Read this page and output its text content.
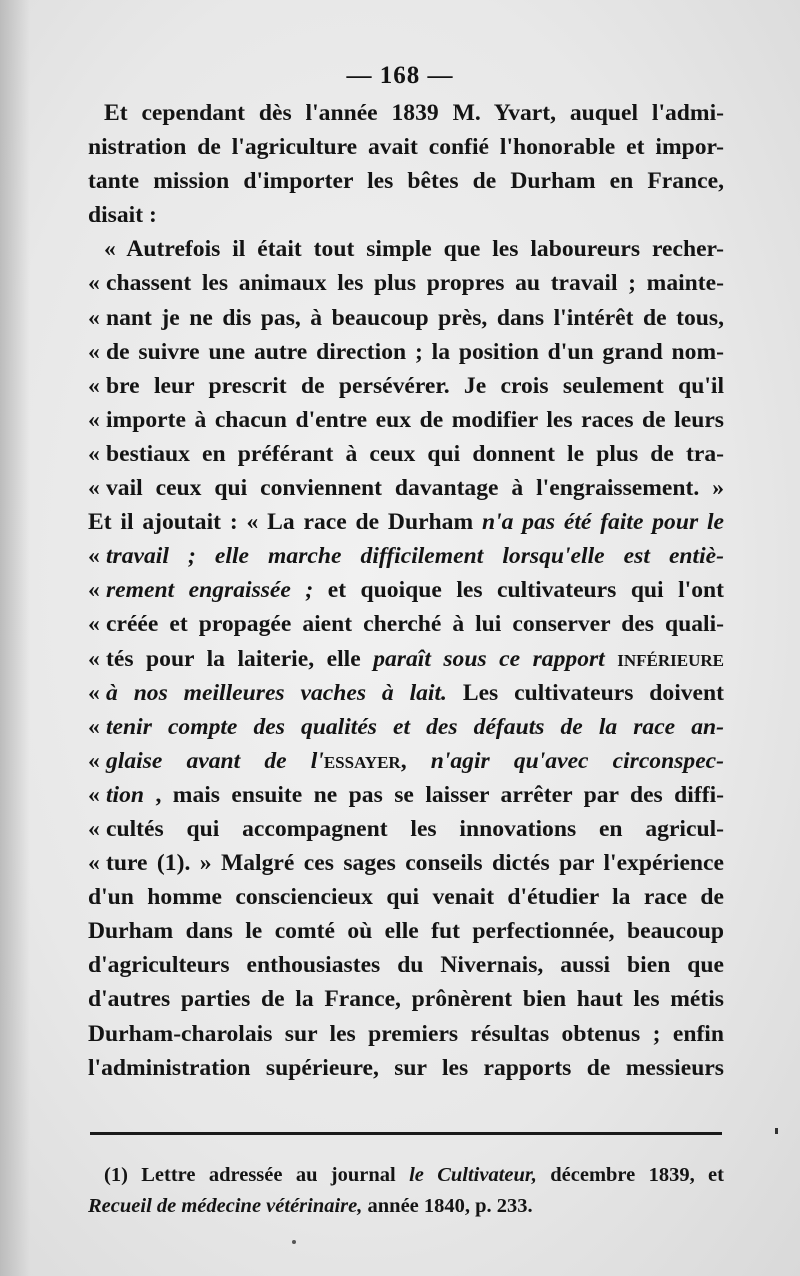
— 168 —
Et cependant dès l'année 1839 M. Yvart, auquel l'admi-
nistration de l'agriculture avait confié l'honorable et impor-
tante mission d'importer les bêtes de Durham en France,
disait :
« Autrefois il était tout simple que les laboureurs recher-
« chassent les animaux les plus propres au travail ; mainte-
« nant je ne dis pas, à beaucoup près, dans l'intérêt de tous,
« de suivre une autre direction ; la position d'un grand nom-
« bre leur prescrit de persévérer. Je crois seulement qu'il
« importe à chacun d'entre eux de modifier les races de leurs
« bestiaux en préférant à ceux qui donnent le plus de tra-
« vail ceux qui conviennent davantage à l'engraissement. »
Et il ajoutait : « La race de Durham n'a pas été faite pour le
« travail ; elle marche difficilement lorsqu'elle est entiè-
« rement engraissée ; et quoique les cultivateurs qui l'ont
« créée et propagée aient cherché à lui conserver des quali-
« tés pour la laiterie, elle paraît sous ce rapport inférieure
« à nos meilleures vaches à lait. Les cultivateurs doivent
« tenir compte des qualités et des défauts de la race an-
« glaise avant de l'essayer, n'agir qu'avec circonspec-
« tion , mais ensuite ne pas se laisser arrêter par des diffi-
« cultés qui accompagnent les innovations en agricul-
« ture (1). » Malgré ces sages conseils dictés par l'expérience
d'un homme consciencieux qui venait d'étudier la race de
Durham dans le comté où elle fut perfectionnée, beaucoup
d'agriculteurs enthousiastes du Nivernais, aussi bien que
d'autres parties de la France, prônèrent bien haut les métis
Durham-charolais sur les premiers résultas obtenus ; enfin
l'administration supérieure, sur les rapports de messieurs
(1) Lettre adressée au journal le Cultivateur, décembre 1839, et
Recueil de médecine vétérinaire, année 1840, p. 233.
